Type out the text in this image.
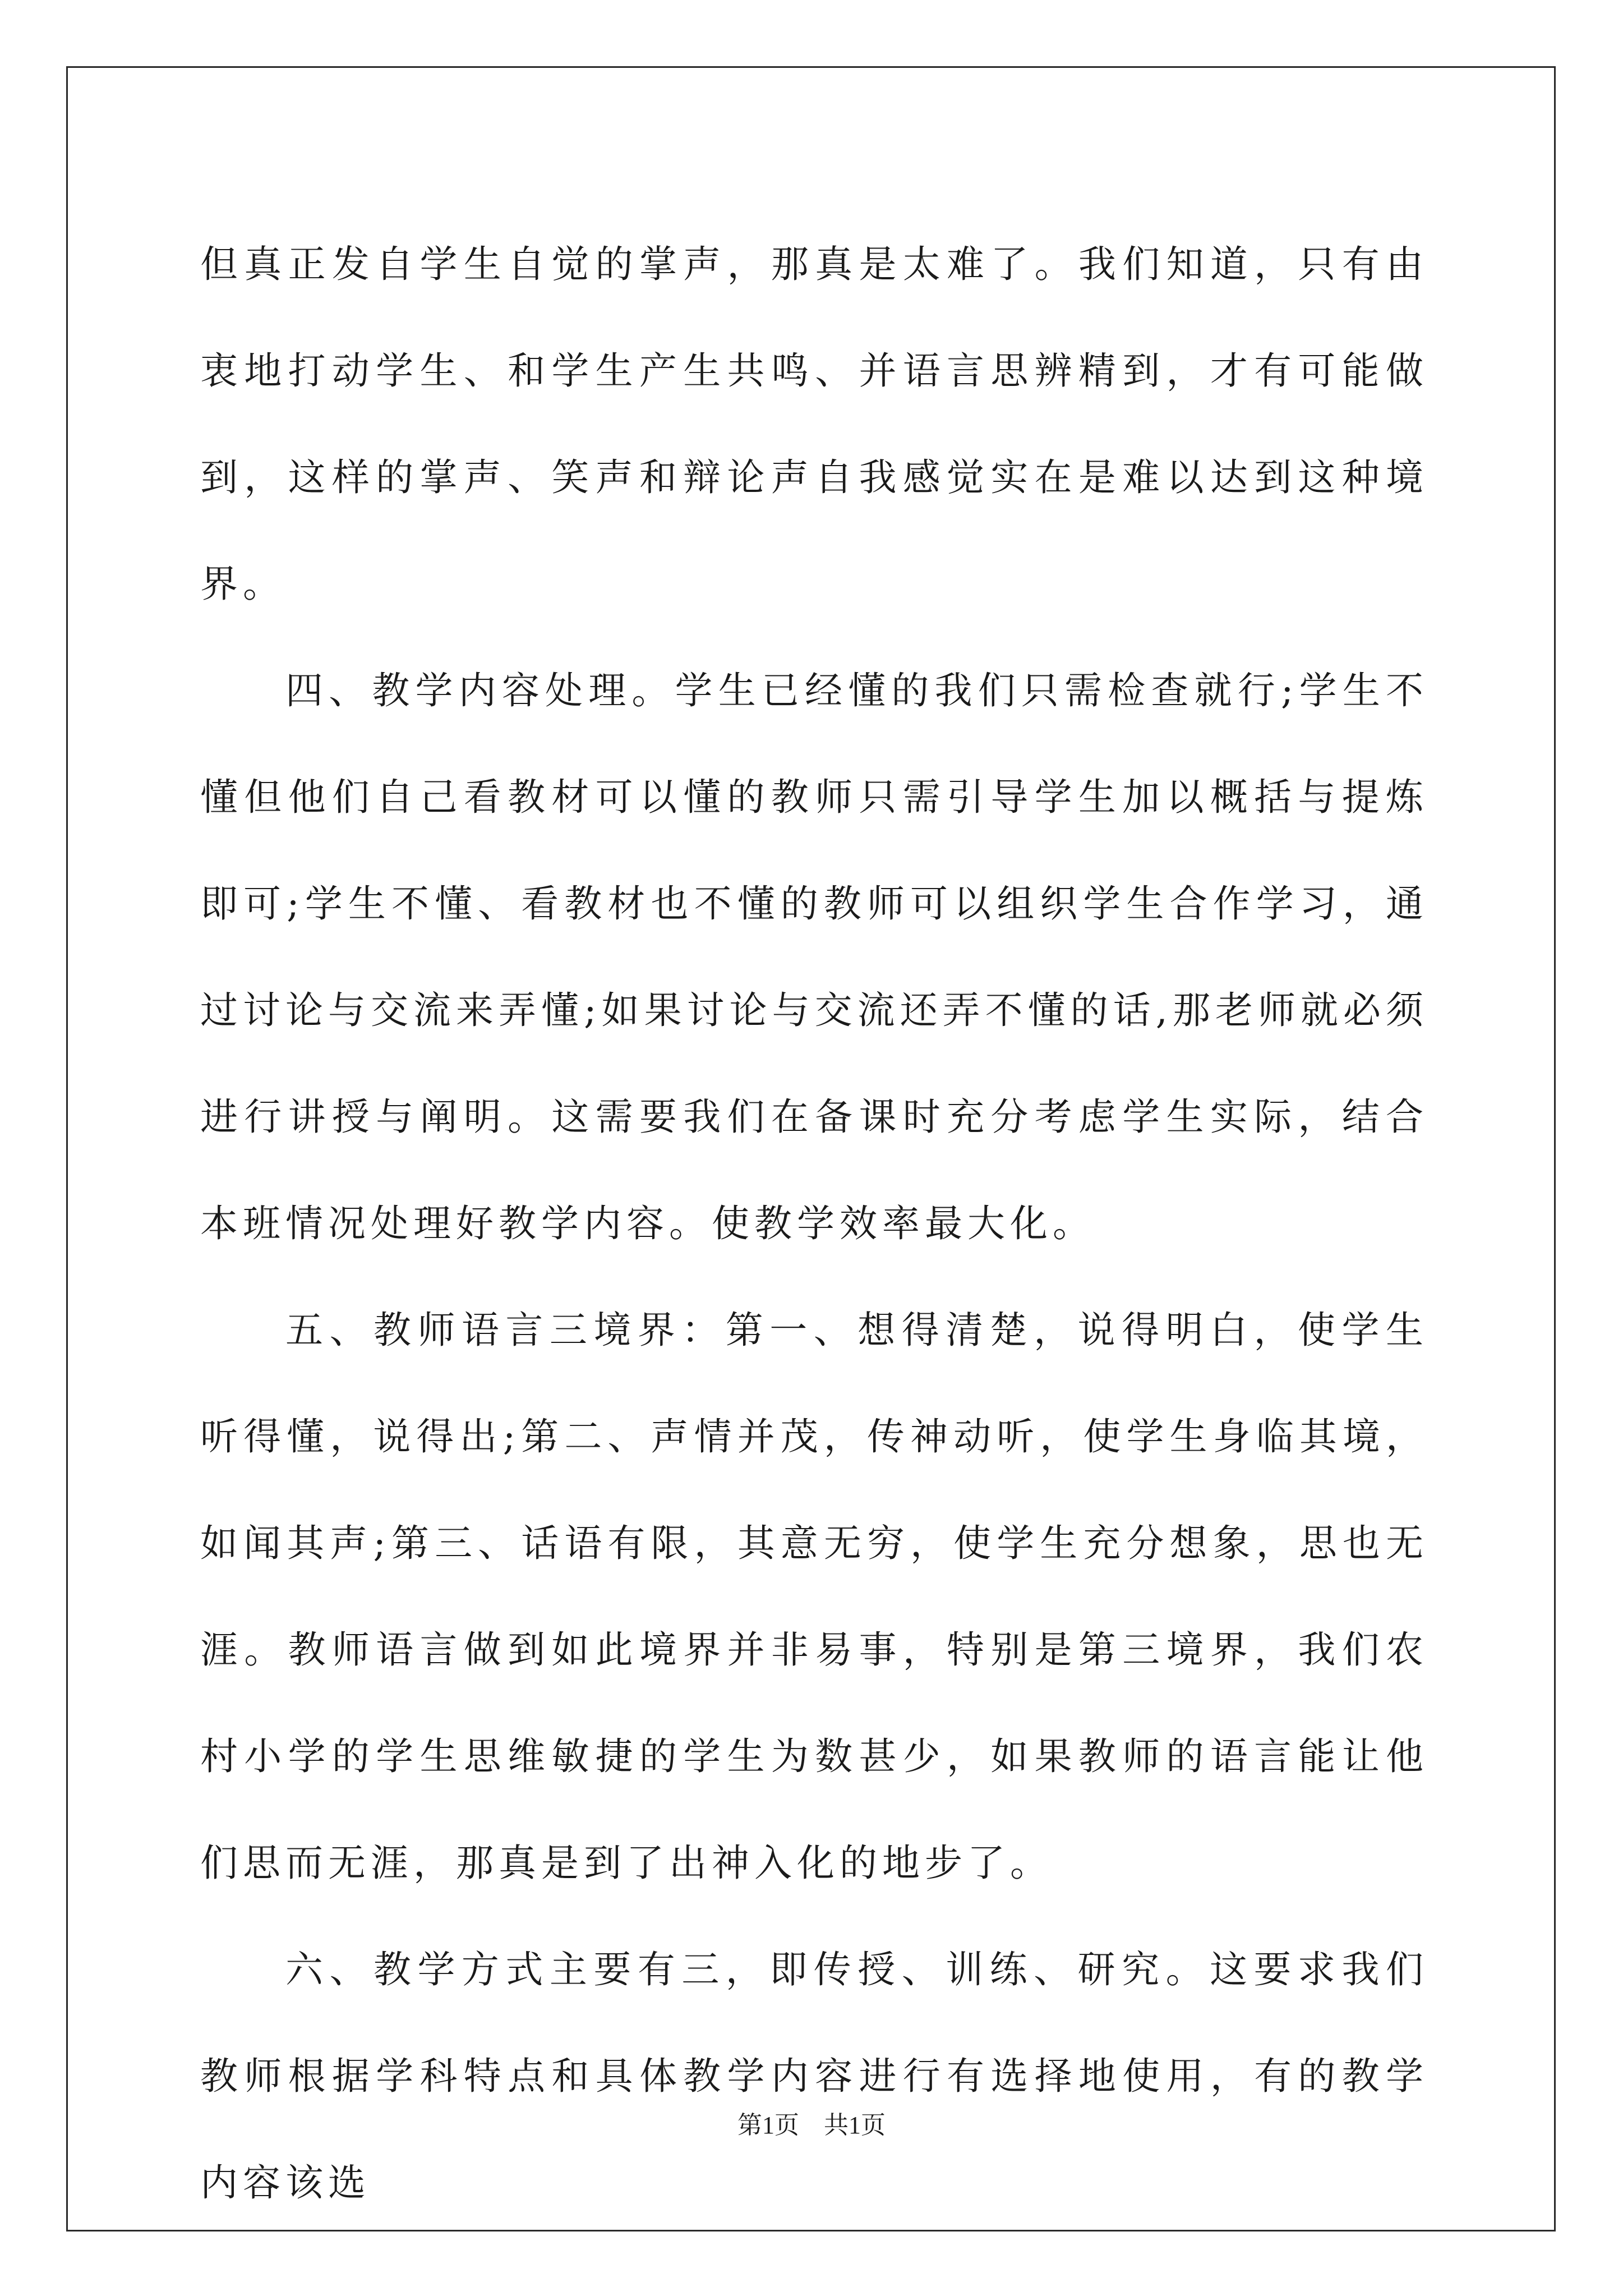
但真正发自学生自觉的掌声，那真是太难了。我们知道，只有由衷地打动学生、和学生产生共鸣、并语言思辨精到，才有可能做到，这样的掌声、笑声和辩论声自我感觉实在是难以达到这种境界。

四、教学内容处理。学生已经懂的我们只需检查就行;学生不懂但他们自己看教材可以懂的教师只需引导学生加以概括与提炼即可;学生不懂、看教材也不懂的教师可以组织学生合作学习，通过讨论与交流来弄懂;如果讨论与交流还弄不懂的话,那老师就必须进行讲授与阐明。这需要我们在备课时充分考虑学生实际，结合本班情况处理好教学内容。使教学效率最大化。

五、教师语言三境界：第一、想得清楚，说得明白，使学生听得懂，说得出;第二、声情并茂，传神动听，使学生身临其境，如闻其声;第三、话语有限，其意无穷，使学生充分想象，思也无涯。教师语言做到如此境界并非易事，特别是第三境界，我们农村小学的学生思维敏捷的学生为数甚少，如果教师的语言能让他们思而无涯，那真是到了出神入化的地步了。

六、教学方式主要有三，即传授、训练、研究。这要求我们教师根据学科特点和具体教学内容进行有选择地使用，有的教学内容该选

第1页　共1页
